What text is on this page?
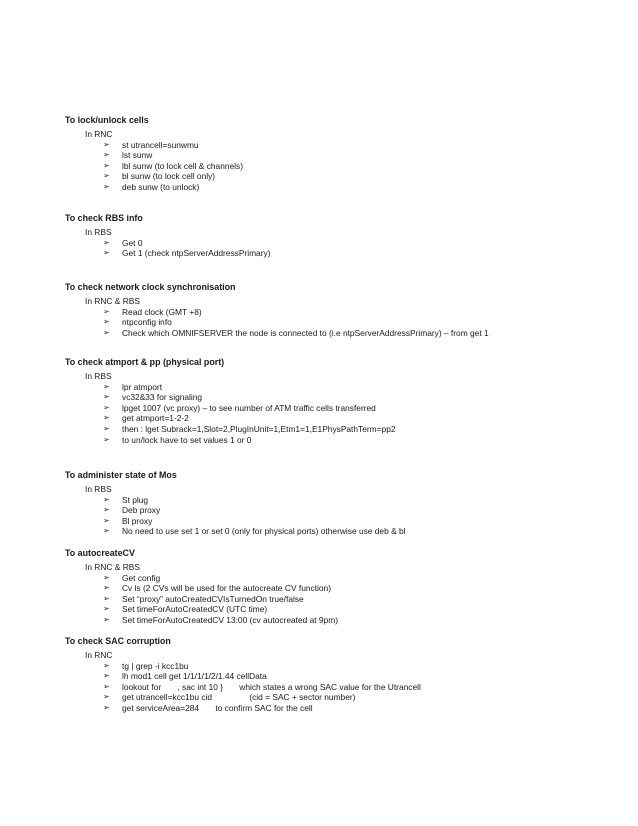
To lock/unlock cells
In RNC
➢ st utrancell=sunwmu
➢ lst sunw
➢ lbl sunw (to lock cell & channels)
➢ bl sunw (to lock cell only)
➢ deb sunw (to unlock)
To check RBS info
In RBS
➢ Get 0
➢ Get 1 (check ntpServerAddressPrimary)
To check network clock synchronisation
In RNC & RBS
➢ Read clock (GMT +8)
➢ ntpconfig info
➢ Check which OMNIFSERVER the node is connected to (i.e ntpServerAddressPrimary) – from get 1
To check atmport & pp (physical port)
In RBS
➢ lpr atmport
➢ vc32&33 for signaling
➢ lpget 1007 (vc proxy) – to see number of ATM traffic cells transferred
➢ get atmport=1-2-2
➢ then : lget Subrack=1,Slot=2,PlugInUnit=1,Etm1=1,E1PhysPathTerm=pp2
➢ to un/lock have to set values 1 or 0
To administer state of Mos
In RBS
➢ St plug
➢ Deb proxy
➢ Bl proxy
➢ No need to use set 1 or set 0 (only for physical ports) otherwise use deb & bl
To autocreateCV
In RNC & RBS
➢ Get config
➢ Cv ls (2 CVs will be used for the autocreate CV function)
➢ Set “proxy” autoCreatedCVIsTurnedOn true/false
➢ Set timeForAutoCreatedCV (UTC time)
➢ Set timeForAutoCreatedCV 13:00 (cv autocreated at 9pm)
To check SAC corruption
In RNC
➢ tg | grep -i kcc1bu
➢ lh mod1 cell get 1/1/1/1/2/1.44 cellData
➢ lookout for       , sac int 10 }       which states a wrong SAC value for the Utrancell
➢ get utrancell=kcc1bu cid                (cid = SAC + sector number)
➢ get serviceArea=284       to confirm SAC for the cell
